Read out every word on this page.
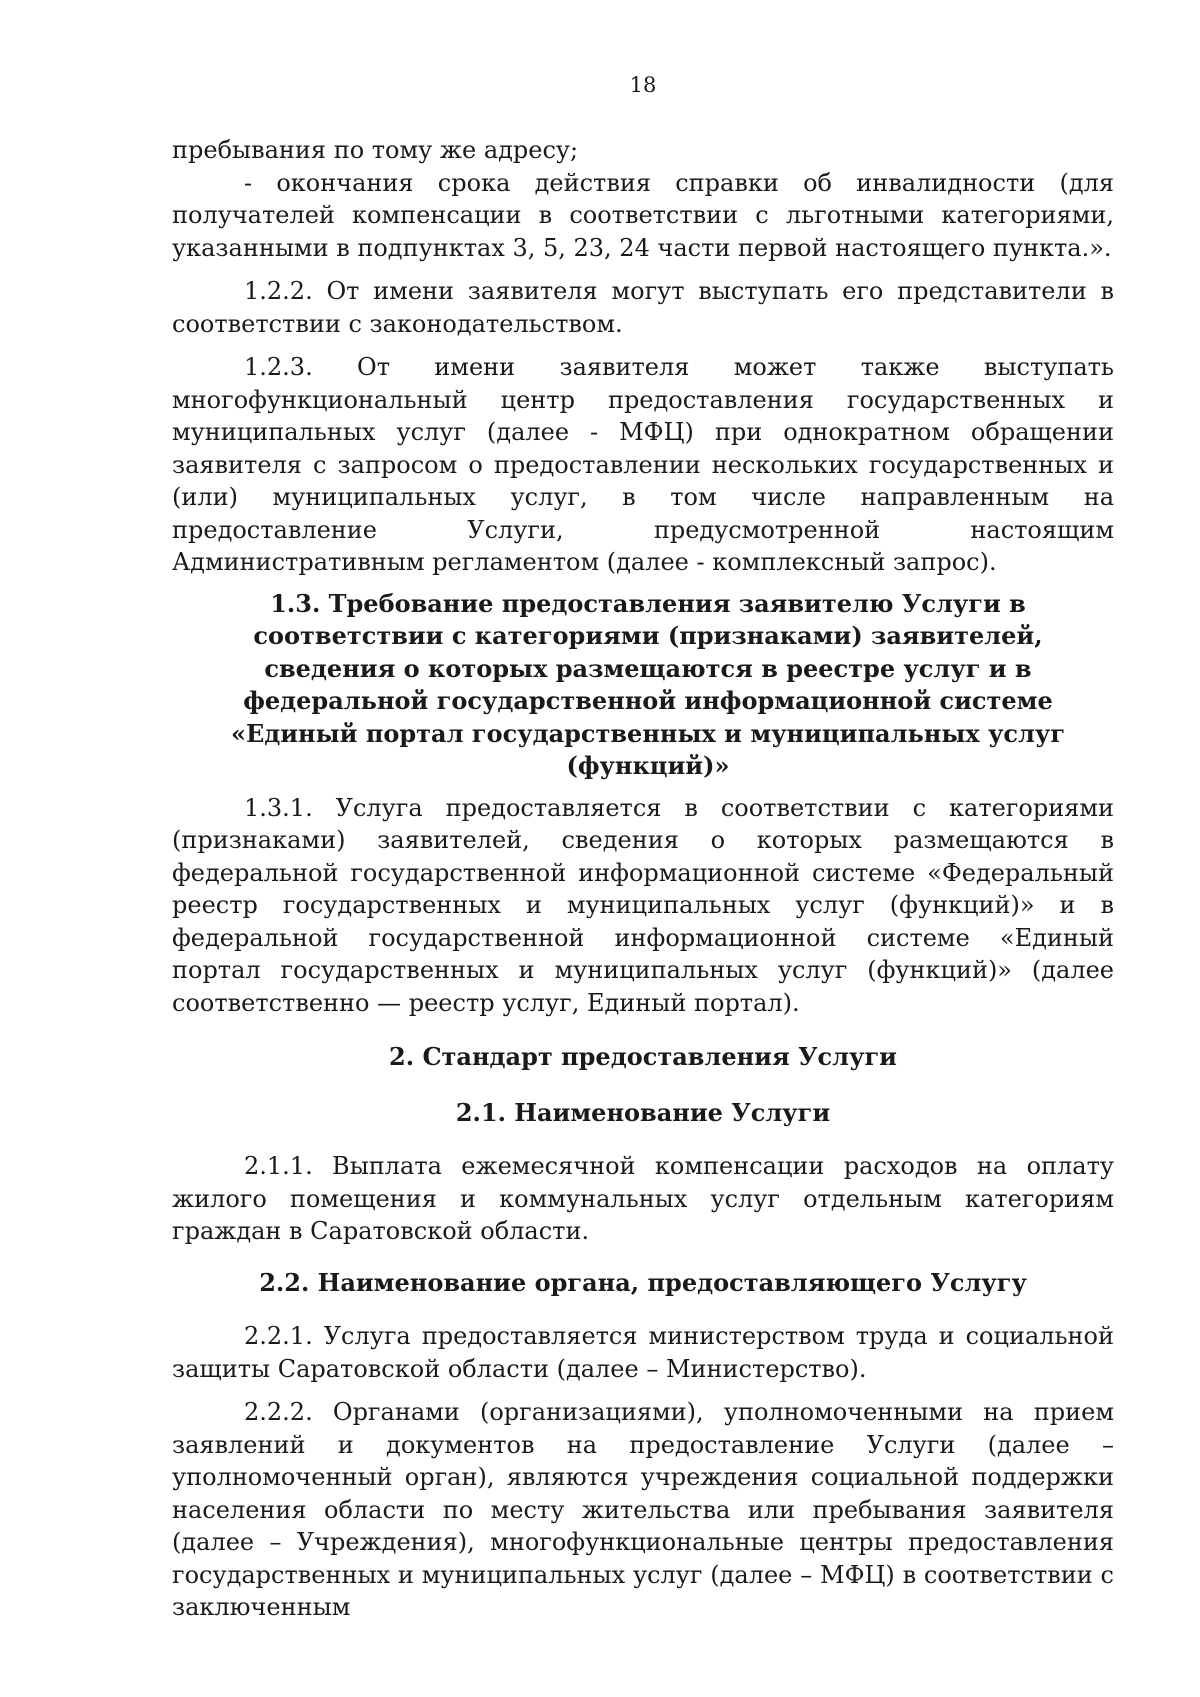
18

пребывания по тому же адресу;

- окончания срока действия справки об инвалидности (для получателей компенсации в соответствии с льготными категориями, указанными в подпунктах 3, 5, 23, 24 части первой настоящего пункта.».

1.2.2. От имени заявителя могут выступать его представители в соответствии с законодательством.

1.2.3. От имени заявителя может также выступать многофункциональный центр предоставления государственных и муниципальных услуг (далее - МФЦ) при однократном обращении заявителя с запросом о предоставлении нескольких государственных и (или) муниципальных услуг, в том числе направленным на предоставление Услуги, предусмотренной настоящим Административным регламентом (далее - комплексный запрос).

1.3. Требование предоставления заявителю Услуги в соответствии с категориями (признаками) заявителей, сведения о которых размещаются в реестре услуг и в федеральной государственной информационной системе «Единый портал государственных и муниципальных услуг (функций)»

1.3.1. Услуга предоставляется в соответствии с категориями (признаками) заявителей, сведения о которых размещаются в федеральной государственной информационной системе «Федеральный реестр государственных и муниципальных услуг (функций)» и в федеральной государственной информационной системе «Единый портал государственных и муниципальных услуг (функций)» (далее соответственно — реестр услуг, Единый портал).

2. Стандарт предоставления Услуги
2.1. Наименование Услуги

2.1.1. Выплата ежемесячной компенсации расходов на оплату жилого помещения и коммунальных услуг отдельным категориям граждан в Саратовской области.

2.2. Наименование органа, предоставляющего Услугу

2.2.1. Услуга предоставляется министерством труда и социальной защиты Саратовской области (далее – Министерство).

2.2.2. Органами (организациями), уполномоченными на прием заявлений и документов на предоставление Услуги (далее – уполномоченный орган), являются учреждения социальной поддержки населения области по месту жительства или пребывания заявителя (далее – Учреждения), многофункциональные центры предоставления государственных и муниципальных услуг (далее – МФЦ) в соответствии с заключенным
